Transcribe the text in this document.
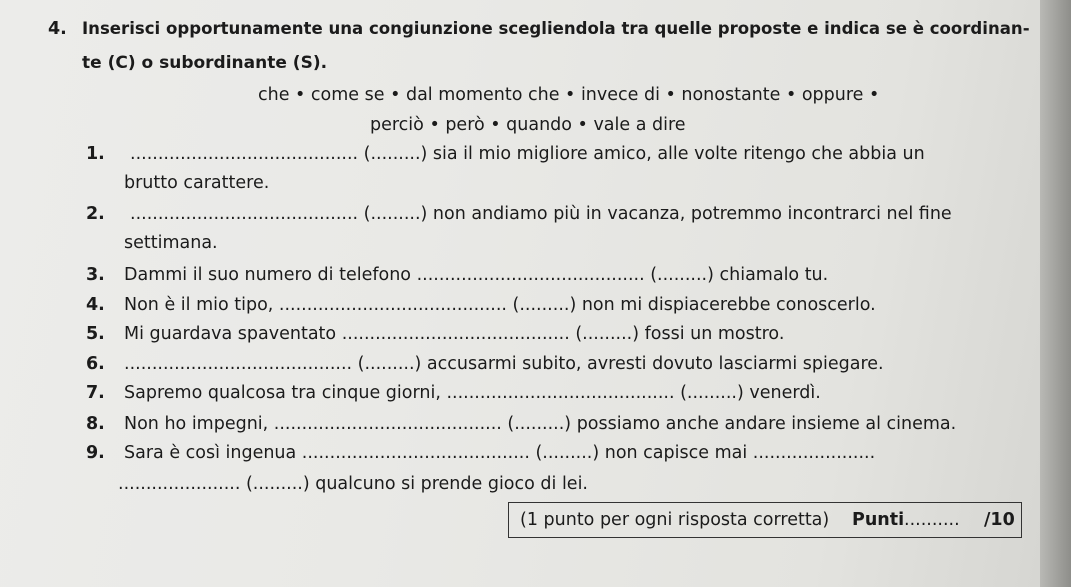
4. Inserisci opportunamente una congiunzione scegliendola tra quelle proposte e indica se è coordinan-
te (C) o subordinante (S).
che • come se • dal momento che • invece di • nonostante • oppure •
perciò • però • quando • vale a dire
1. ......................................... (.........) sia il mio migliore amico, alle volte ritengo che abbia un
brutto carattere.
2. ......................................... (.........) non andiamo più in vacanza, potremmo incontrarci nel fine
settimana.
3. Dammi il suo numero di telefono ......................................... (.........) chiamalo tu.
4. Non è il mio tipo, ......................................... (.........) non mi dispiacerebbe conoscerlo.
5. Mi guardava spaventato ......................................... (.........) fossi un mostro.
6. ......................................... (.........) accusarmi subito, avresti dovuto lasciarmi spiegare.
7. Sapremo qualcosa tra cinque giorni, ......................................... (.........) venerdì.
8. Non ho impegni, ......................................... (.........) possiamo anche andare insieme al cinema.
9. Sara è così ingenua ......................................... (.........) non capisce mai ......................
...................... (.........) qualcuno si prende gioco di lei.
(1 punto per ogni risposta corretta) Punti .......... /10
